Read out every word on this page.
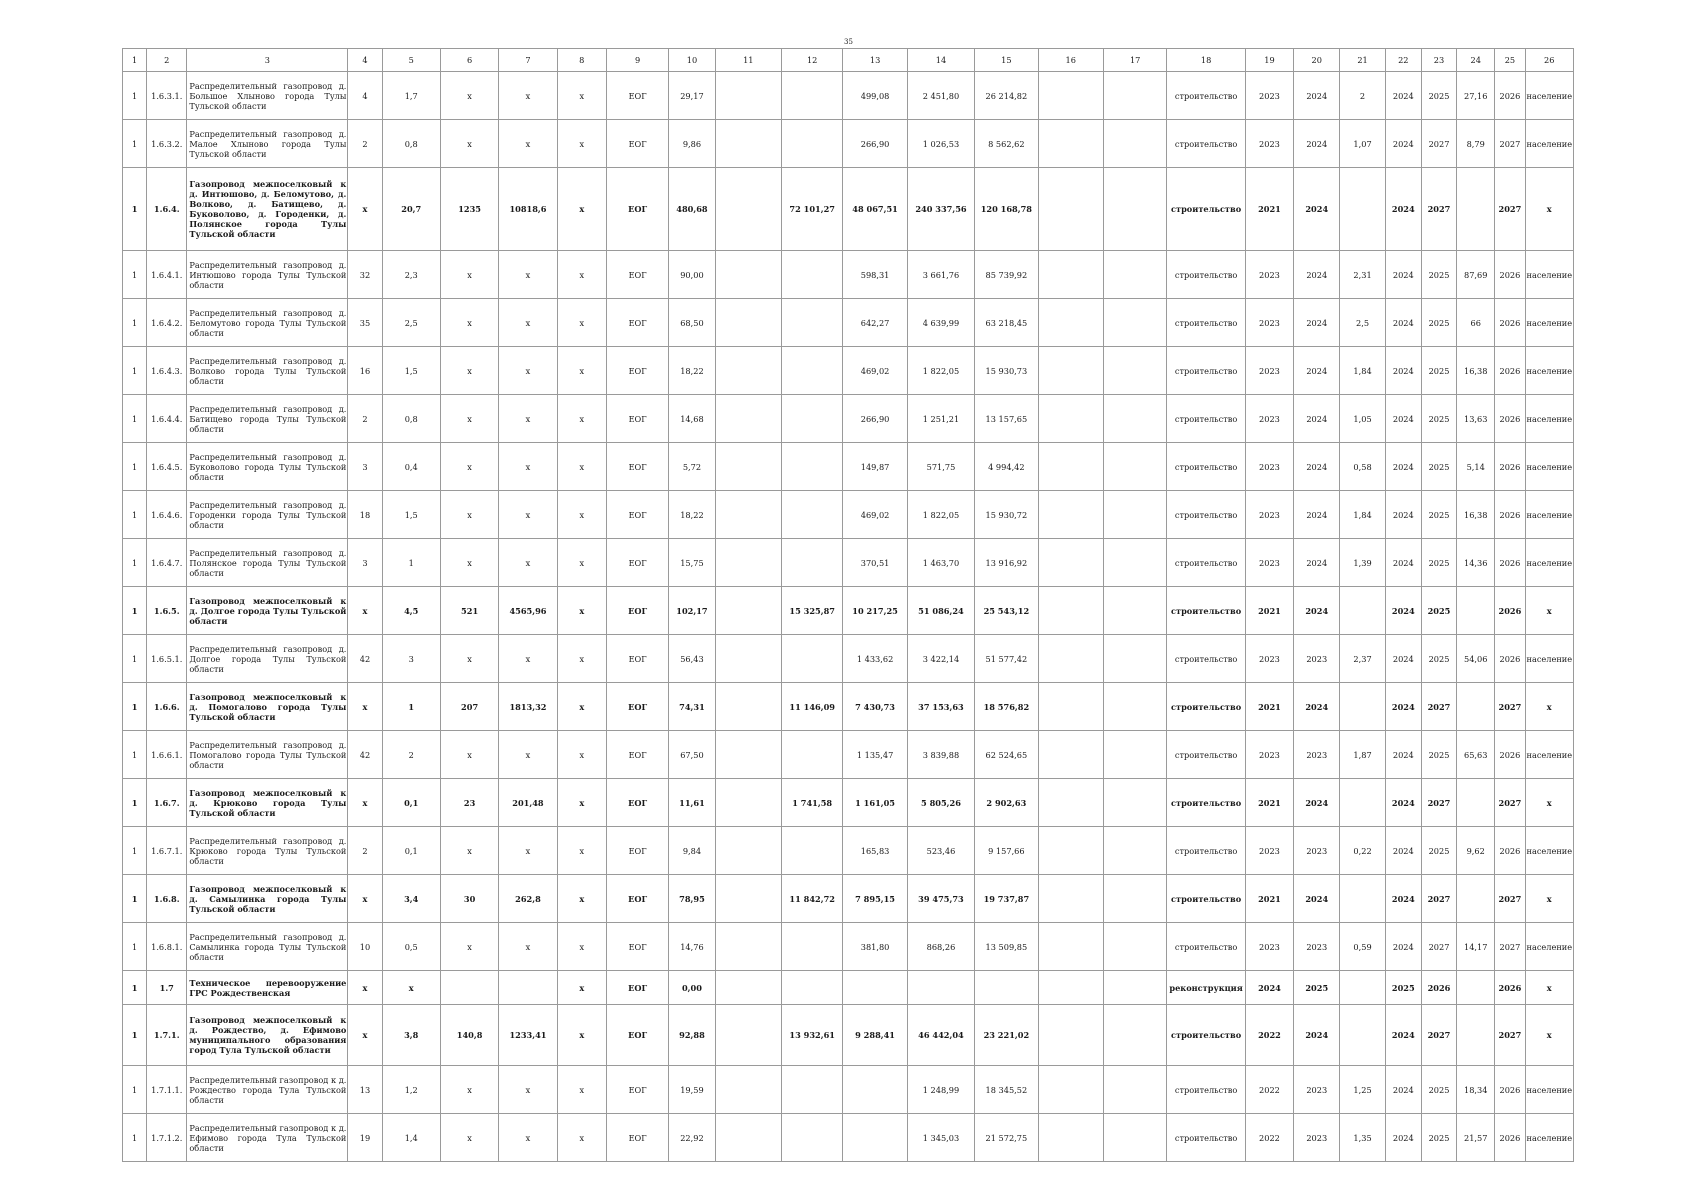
35
1	2	3	4	5	6	7	8	9	10	11	12	13	14	15	16	17	18	19	20	21	22	23	24	25	26
1	1.6.3.1.	Распределительный газопровод д. Большое Хлыново города Тулы Тульской области	4	1,7	х	х	х	ЕОГ	29,17			499,08	2 451,80	26 214,82			строительство	2023	2024	2	2024	2025	27,16	2026	население
1	1.6.3.2.	Распределительный газопровод д. Малое Хлыново города Тулы Тульской области	2	0,8	х	х	х	ЕОГ	9,86			266,90	1 026,53	8 562,62			строительство	2023	2024	1,07	2024	2027	8,79	2027	население
1	1.6.4.	Газопровод межпоселковый к д. Интюшово, д. Беломутово, д. Волково, д. Батищево, д. Буковолово, д. Городенки, д. Полянское города Тулы Тульской области	х	20,7	1235	10818,6	х	ЕОГ	480,68		72 101,27	48 067,51	240 337,56	120 168,78			строительство	2021	2024		2024	2027		2027	х
1	1.6.4.1.	Распределительный газопровод д. Интюшово города Тулы Тульской области	32	2,3	х	х	х	ЕОГ	90,00			598,31	3 661,76	85 739,92			строительство	2023	2024	2,31	2024	2025	87,69	2026	население
1	1.6.4.2.	Распределительный газопровод д. Беломутово города Тулы Тульской области	35	2,5	х	х	х	ЕОГ	68,50			642,27	4 639,99	63 218,45			строительство	2023	2024	2,5	2024	2025	66	2026	население
1	1.6.4.3.	Распределительный газопровод д. Волково города Тулы Тульской области	16	1,5	х	х	х	ЕОГ	18,22			469,02	1 822,05	15 930,73			строительство	2023	2024	1,84	2024	2025	16,38	2026	население
1	1.6.4.4.	Распределительный газопровод д. Батищево города Тулы Тульской области	2	0,8	х	х	х	ЕОГ	14,68			266,90	1 251,21	13 157,65			строительство	2023	2024	1,05	2024	2025	13,63	2026	население
1	1.6.4.5.	Распределительный газопровод д. Буковолово города Тулы Тульской области	3	0,4	х	х	х	ЕОГ	5,72			149,87	571,75	4 994,42			строительство	2023	2024	0,58	2024	2025	5,14	2026	население
1	1.6.4.6.	Распределительный газопровод д. Городенки города Тулы Тульской области	18	1,5	х	х	х	ЕОГ	18,22			469,02	1 822,05	15 930,72			строительство	2023	2024	1,84	2024	2025	16,38	2026	население
1	1.6.4.7.	Распределительный газопровод д. Полянское города Тулы Тульской области	3	1	х	х	х	ЕОГ	15,75			370,51	1 463,70	13 916,92			строительство	2023	2024	1,39	2024	2025	14,36	2026	население
1	1.6.5.	Газопровод межпоселковый к д. Долгое города Тулы Тульской области	х	4,5	521	4565,96	х	ЕОГ	102,17		15 325,87	10 217,25	51 086,24	25 543,12			строительство	2021	2024		2024	2025		2026	х
1	1.6.5.1.	Распределительный газопровод д. Долгое города Тулы Тульской области	42	3	х	х	х	ЕОГ	56,43			1 433,62	3 422,14	51 577,42			строительство	2023	2023	2,37	2024	2025	54,06	2026	население
1	1.6.6.	Газопровод межпоселковый к д. Помогалово города Тулы Тульской области	х	1	207	1813,32	х	ЕОГ	74,31		11 146,09	7 430,73	37 153,63	18 576,82			строительство	2021	2024		2024	2027		2027	х
1	1.6.6.1.	Распределительный газопровод д. Помогалово города Тулы Тульской области	42	2	х	х	х	ЕОГ	67,50			1 135,47	3 839,88	62 524,65			строительство	2023	2023	1,87	2024	2025	65,63	2026	население
1	1.6.7.	Газопровод межпоселковый к д. Крюково города Тулы Тульской области	х	0,1	23	201,48	х	ЕОГ	11,61		1 741,58	1 161,05	5 805,26	2 902,63			строительство	2021	2024		2024	2027		2027	х
1	1.6.7.1.	Распределительный газопровод д. Крюково города Тулы Тульской области	2	0,1	х	х	х	ЕОГ	9,84			165,83	523,46	9 157,66			строительство	2023	2023	0,22	2024	2025	9,62	2026	население
1	1.6.8.	Газопровод межпоселковый к д. Самылинка города Тулы Тульской области	х	3,4	30	262,8	х	ЕОГ	78,95		11 842,72	7 895,15	39 475,73	19 737,87			строительство	2021	2024		2024	2027		2027	х
1	1.6.8.1.	Распределительный газопровод д. Самылинка города Тулы Тульской области	10	0,5	х	х	х	ЕОГ	14,76			381,80	868,26	13 509,85			строительство	2023	2023	0,59	2024	2027	14,17	2027	население
1	1.7	Техническое перевооружение ГРС Рождественская	х	х			х	ЕОГ	0,00								реконструкция	2024	2025		2025	2026		2026	х
1	1.7.1.	Газопровод межпоселковый к д. Рождество, д. Ефимово муниципального образования город Тула Тульской области	х	3,8	140,8	1233,41	х	ЕОГ	92,88		13 932,61	9 288,41	46 442,04	23 221,02			строительство	2022	2024		2024	2027		2027	х
1	1.7.1.1.	Распределительный газопровод к д. Рождество города Тула Тульской области	13	1,2	х	х	х	ЕОГ	19,59				1 248,99	18 345,52			строительство	2022	2023	1,25	2024	2025	18,34	2026	население
1	1.7.1.2.	Распределительный газопровод к д. Ефимово города Тула Тульской области	19	1,4	х	х	х	ЕОГ	22,92				1 345,03	21 572,75			строительство	2022	2023	1,35	2024	2025	21,57	2026	население
